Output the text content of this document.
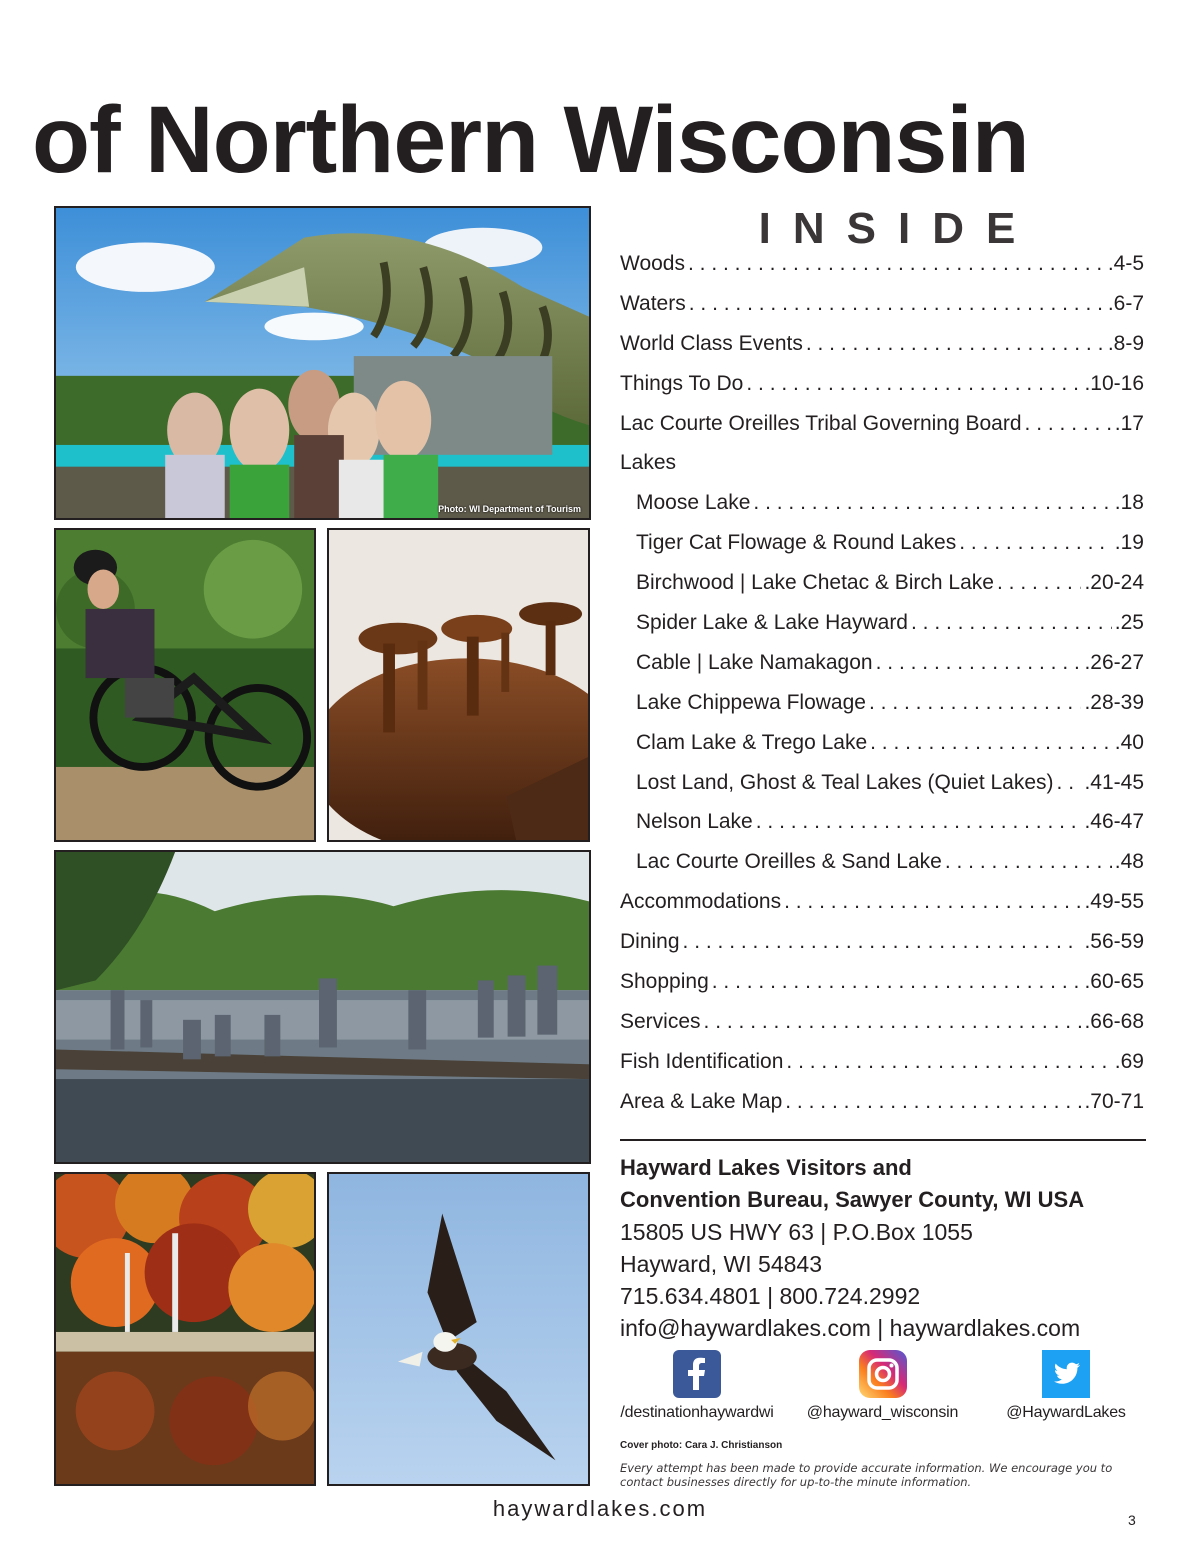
of Northern Wisconsin
Photo: WI Department of Tourism
INSIDE
Woods . . .	.4-5
Waters . . .	.6-7
World Class Events . . .	.8-9
Things To Do . . .	.10-16
Lac Courte Oreilles Tribal Governing Board . . .	.17
Lakes
Moose Lake . . .	.18
Tiger Cat Flowage & Round Lakes . . .	.19
Birchwood | Lake Chetac & Birch Lake . . .	.20-24
Spider Lake & Lake Hayward . . .	.25
Cable | Lake Namakagon . . .	.26-27
Lake Chippewa Flowage . . .	.28-39
Clam Lake & Trego Lake . . .	.40
Lost Land, Ghost & Teal Lakes (Quiet Lakes) . . . .41-45
Nelson Lake . . .	.46-47
Lac Courte Oreilles & Sand Lake . . .	.48
Accommodations . . .	.49-55
Dining . . .	.56-59
Shopping . . .	.60-65
Services . . .	.66-68
Fish Identification . . .	.69
Area & Lake Map . . .	.70-71
Hayward Lakes Visitors and
Convention Bureau, Sawyer County, WI USA
15805 US HWY 63 | P.O.Box 1055
Hayward, WI 54843
715.634.4801 | 800.724.2992
info@haywardlakes.com | haywardlakes.com
/destinationhaywardwi	@hayward_wisconsin	@HaywardLakes
Cover photo: Cara J. Christianson
Every attempt has been made to provide accurate information. We encourage you to contact businesses directly for up-to-the minute information.
haywardlakes.com	3
